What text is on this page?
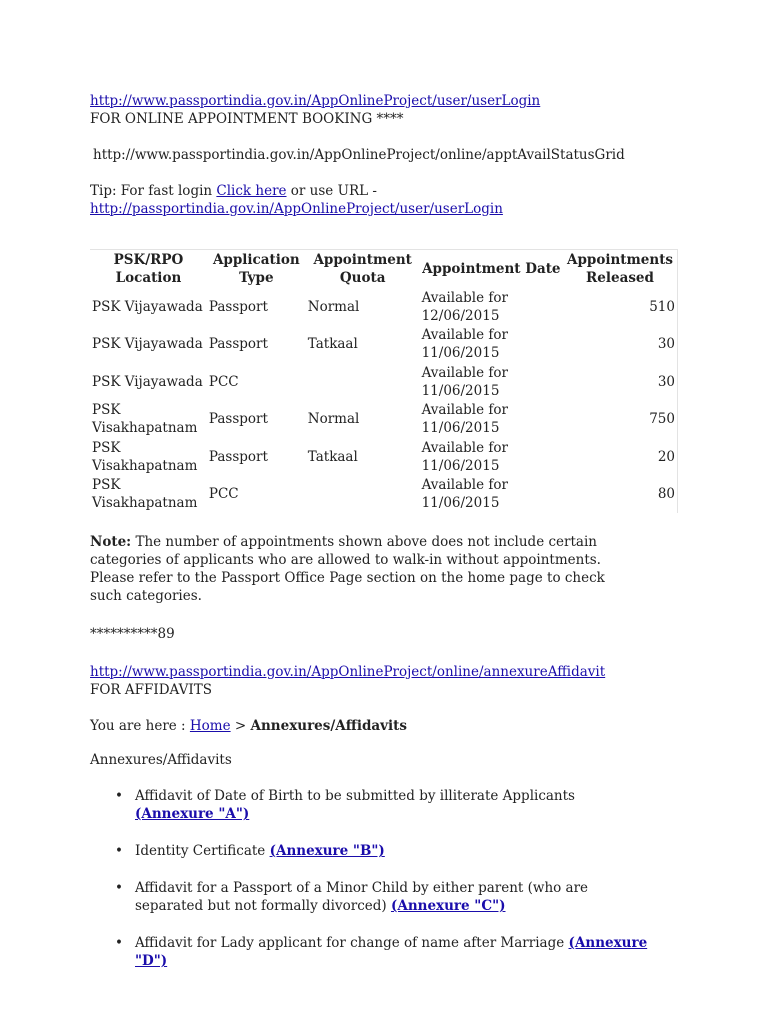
http://www.passportindia.gov.in/AppOnlineProject/user/userLogin

FOR ONLINE APPOINTMENT BOOKING ****

http://www.passportindia.gov.in/AppOnlineProject/online/apptAvailStatusGrid

Tip: For fast login Click here or use URL -

http://passportindia.gov.in/AppOnlineProject/user/userLogin

PSK/RPO Location	Application Type	Appointment Quota	Appointment Date	Appointments Released
PSK Vijayawada	Passport	Normal	Available for 12/06/2015	510
PSK Vijayawada	Passport	Tatkaal	Available for 11/06/2015	30
PSK Vijayawada	PCC		Available for 11/06/2015	30
PSK Visakhapatnam	Passport	Normal	Available for 11/06/2015	750
PSK Visakhapatnam	Passport	Tatkaal	Available for 11/06/2015	20
PSK Visakhapatnam	PCC		Available for 11/06/2015	80

Note: The number of appointments shown above does not include certain categories of applicants who are allowed to walk-in without appointments. Please refer to the Passport Office Page section on the home page to check such categories.

**********89

http://www.passportindia.gov.in/AppOnlineProject/online/annexureAffidavit

FOR AFFIDAVITS

You are here : Home > Annexures/Affidavits

Annexures/Affidavits

• Affidavit of Date of Birth to be submitted by illiterate Applicants (Annexure "A")
• Identity Certificate (Annexure "B")
• Affidavit for a Passport of a Minor Child by either parent (who are separated but not formally divorced) (Annexure "C")
• Affidavit for Lady applicant for change of name after Marriage (Annexure "D")
